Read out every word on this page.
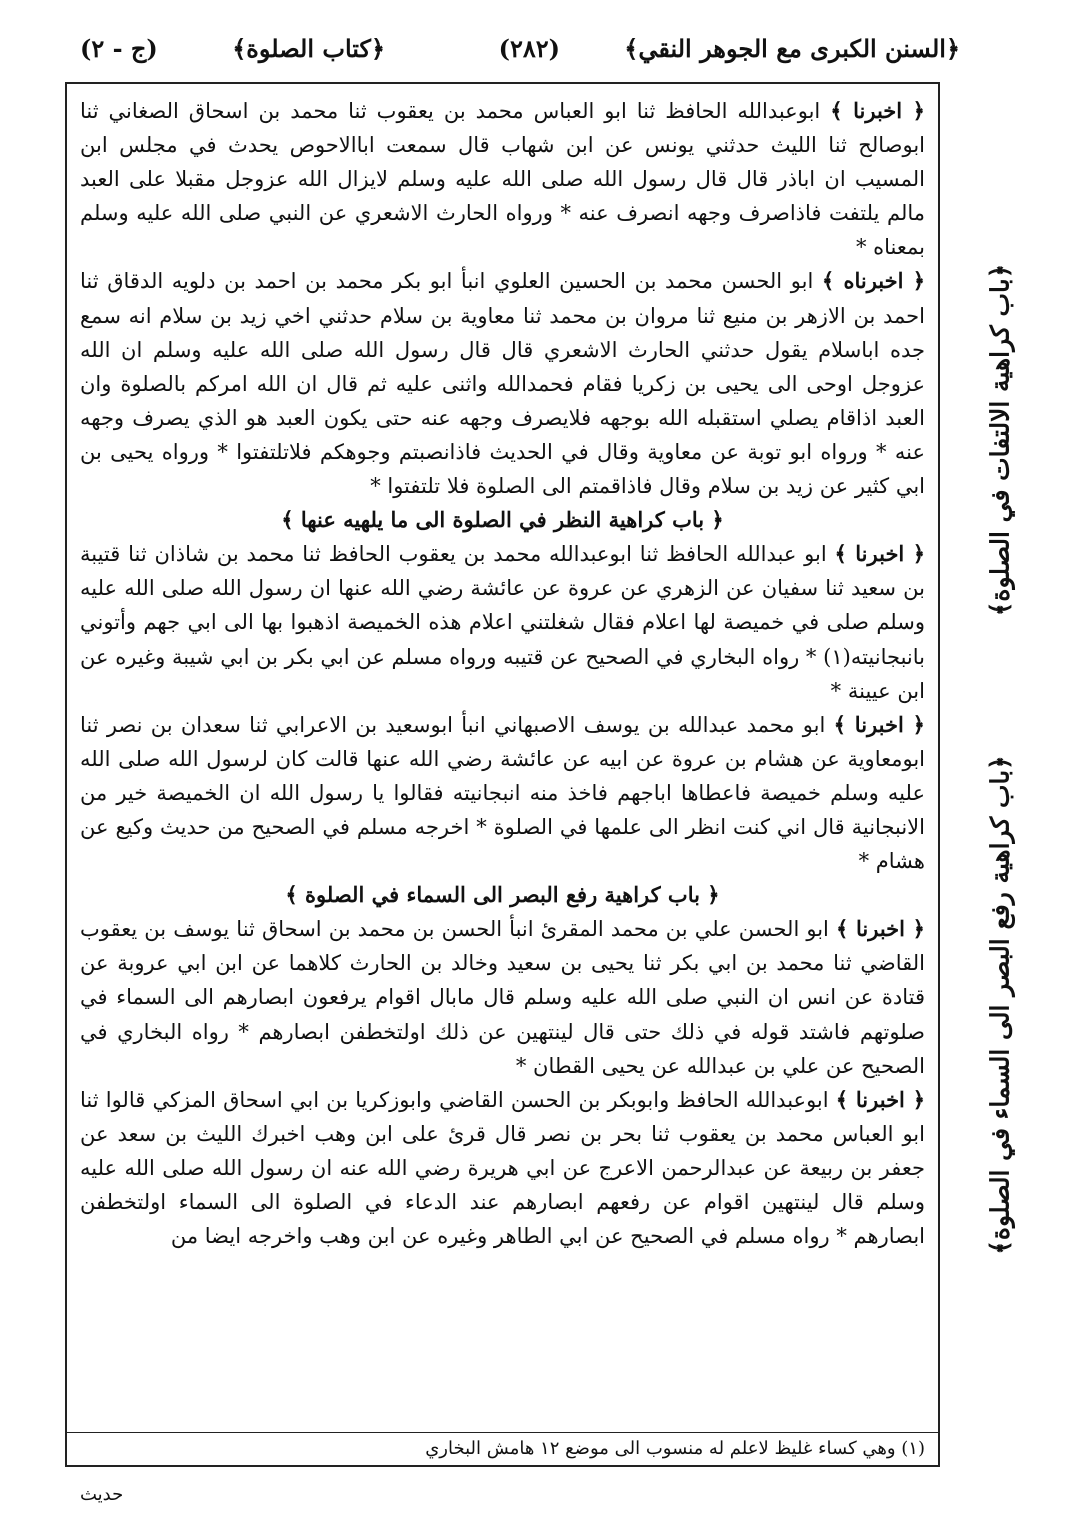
﴿السنن الكبرى مع الجوهر النقي﴾
(٢٨٢)
﴿كتاب الصلوة﴾
(ج - ٢)

﴿ اخبرنا ﴾ ابوعبدالله الحافظ ثنا ابو العباس محمد بن يعقوب ثنا محمد بن اسحاق الصغاني ثنا ابوصالح ثنا الليث حدثني يونس عن ابن شهاب قال سمعت اباالاحوص يحدث في مجلس ابن المسيب ان اباذر قال قال رسول الله صلى الله عليه وسلم لايزال الله عزوجل مقبلا على العبد مالم يلتفت فاذاصرف وجهه انصرف عنه * ورواه الحارث الاشعري عن النبي صلى الله عليه وسلم بمعناه *

﴿ اخبرناه ﴾ ابو الحسن محمد بن الحسين العلوي انبأ ابو بكر محمد بن احمد بن دلويه الدقاق ثنا احمد بن الازهر بن منيع ثنا مروان بن محمد ثنا معاوية بن سلام حدثني اخي زيد بن سلام انه سمع جده اباسلام يقول حدثني الحارث الاشعري قال قال رسول الله صلى الله عليه وسلم ان الله عزوجل اوحى الى يحيى بن زكريا فقام فحمدالله واثنى عليه ثم قال ان الله امركم بالصلوة وان العبد اذاقام يصلي استقبله الله بوجهه فلايصرف وجهه عنه حتى يكون العبد هو الذي يصرف وجهه عنه * ورواه ابو توبة عن معاوية وقال في الحديث فاذانصبتم وجوهكم فلاتلتفتوا * ورواه يحيى بن ابي كثير عن زيد بن سلام وقال فاذاقمتم الى الصلوة فلا تلتفتوا *

﴿ باب كراهية النظر في الصلوة الى ما يلهيه عنها ﴾

﴿ اخبرنا ﴾ ابو عبدالله الحافظ ثنا ابوعبدالله محمد بن يعقوب الحافظ ثنا محمد بن شاذان ثنا قتيبة بن سعيد ثنا سفيان عن الزهري عن عروة عن عائشة رضي الله عنها ان رسول الله صلى الله عليه وسلم صلى في خميصة لها اعلام فقال شغلتني اعلام هذه الخميصة اذهبوا بها الى ابي جهم وأتوني بانبجانيته(١) * رواه البخاري في الصحيح عن قتيبه ورواه مسلم عن ابي بكر بن ابي شيبة وغيره عن ابن عيينة *

﴿ اخبرنا ﴾ ابو محمد عبدالله بن يوسف الاصبهاني انبأ ابوسعيد بن الاعرابي ثنا سعدان بن نصر ثنا ابومعاوية عن هشام بن عروة عن ابيه عن عائشة رضي الله عنها قالت كان لرسول الله صلى الله عليه وسلم خميصة فاعطاها اباجهم فاخذ منه انبجانيته فقالوا يا رسول الله ان الخميصة خير من الانبجانية قال اني كنت انظر الى علمها في الصلوة * اخرجه مسلم في الصحيح من حديث وكيع عن هشام *

﴿ باب كراهية رفع البصر الى السماء في الصلوة ﴾

﴿ اخبرنا ﴾ ابو الحسن علي بن محمد المقرئ انبأ الحسن بن محمد بن اسحاق ثنا يوسف بن يعقوب القاضي ثنا محمد بن ابي بكر ثنا يحيى بن سعيد وخالد بن الحارث كلاهما عن ابن ابي عروبة عن قتادة عن انس ان النبي صلى الله عليه وسلم قال مابال اقوام يرفعون ابصارهم الى السماء في صلوتهم فاشتد قوله في ذلك حتى قال لينتهين عن ذلك اولتخطفن ابصارهم * رواه البخاري في الصحيح عن علي بن عبدالله عن يحيى القطان *

﴿ اخبرنا ﴾ ابوعبدالله الحافظ وابوبكر بن الحسن القاضي وابوزكريا بن ابي اسحاق المزكي قالوا ثنا ابو العباس محمد بن يعقوب ثنا بحر بن نصر قال قرئ على ابن وهب اخبرك الليث بن سعد عن جعفر بن ربيعة عن عبدالرحمن الاعرج عن ابي هريرة رضي الله عنه ان رسول الله صلى الله عليه وسلم قال لينتهين اقوام عن رفعهم ابصارهم عند الدعاء في الصلوة الى السماء اولتخطفن ابصارهم * رواه مسلم في الصحيح عن ابي الطاهر وغيره عن ابن وهب واخرجه ايضا من

(١) وهي كساء غليظ لاعلم له منسوب الى موضع ١٢ هامش البخاري
حديث
﴿باب كراهية الالتفات في الصلوة﴾
﴿باب كراهية رفع البصر الى السماء في الصلوة﴾
